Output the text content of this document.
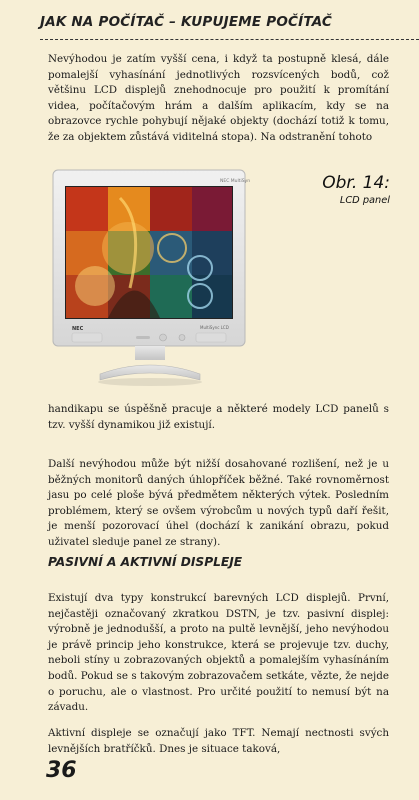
JAK NA POČÍTAČ – KUPUJEME POČÍTAČ

Nevýhodou je zatím vyšší cena, i když ta postupně klesá, dále pomalejší vyhasínání jednotlivých rozsvícených bodů, což většinu LCD displejů znehodnocuje pro použití k promítání videa, počítačovým hrám a dalším aplikacím, kdy se na obrazovce rychle pohybují nějaké objekty (dochází totiž k tomu, že za objektem zůstává viditelná stopa). Na odstranění tohoto

NEC MultiSync
NEC	MultiSync LCD
Obr. 14:
LCD panel

handikapu se úspěšně pracuje a některé modely LCD panelů s tzv. vyšší dynamikou již existují.

Další nevýhodou může být nižší dosahované rozlišení, než je u běžných monitorů daných úhlopříček běžné. Také rovnoměrnost jasu po celé ploše bývá předmětem některých výtek. Posledním problémem, který se ovšem výrobcům u nových typů daří řešit, je menší pozorovací úhel (dochází k zanikání obrazu, pokud uživatel sleduje panel ze strany).

PASIVNÍ A AKTIVNÍ DISPLEJE

Existují dva typy konstrukcí barevných LCD displejů. První, nejčastěji označovaný zkratkou DSTN, je tzv. pasivní displej: výrobně je jednodušší, a proto na pultě levnější, jeho nevýhodou je právě princip jeho konstrukce, která se projevuje tzv. duchy, neboli stíny u zobrazovaných objektů a pomalejším vyhasínáním bodů. Pokud se s takovým zobrazovačem setkáte, vězte, že nejde o poruchu, ale o vlastnost. Pro určité použití to nemusí být na závadu.

Aktivní displeje se označují jako TFT. Nemají nectnosti svých levnějších bratříčků. Dnes je situace taková,

36
